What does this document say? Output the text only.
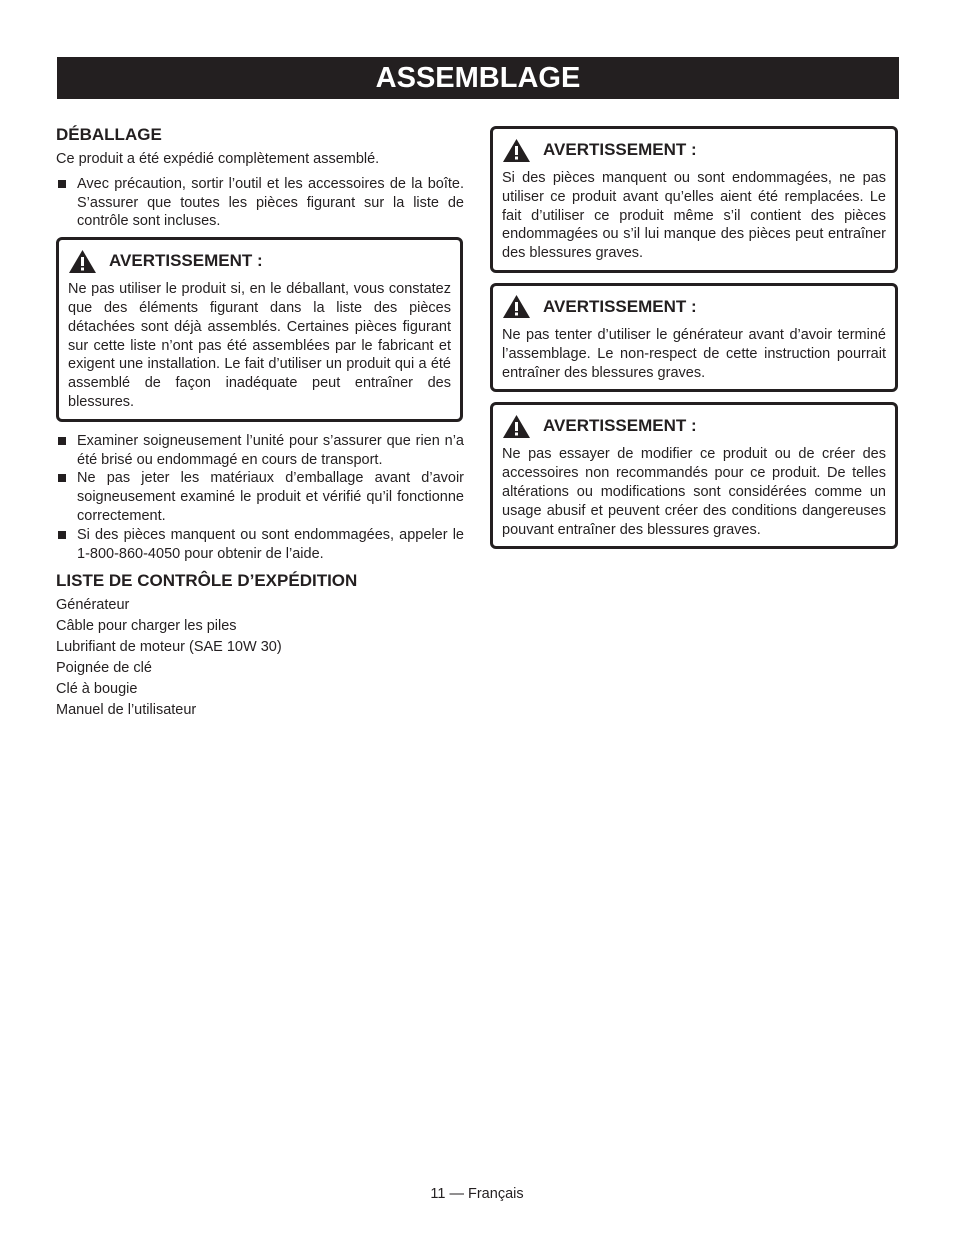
ASSEMBLAGE
DÉBALLAGE

Ce produit a été expédié complètement assemblé.

Avec précaution, sortir l’outil et les accessoires de la boîte. S’assurer que toutes les pièces figurant sur la liste de contrôle sont incluses.
AVERTISSEMENT :

Ne pas utiliser le produit si, en le déballant, vous constatez que des éléments figurant dans la liste des pièces détachées sont déjà assemblés. Certaines pièces figurant sur cette liste n’ont pas été assemblées par le fabricant et exigent une installation. Le fait d’utiliser un produit qui a été assemblé de façon inadéquate peut entraîner des blessures.

Examiner soigneusement l’unité pour s’assurer que rien n’a été brisé ou endommagé en cours de transport.
Ne pas jeter les matériaux d’emballage avant d’avoir soigneusement examiné le produit et vérifié qu’il fonctionne correctement.
Si des pièces manquent ou sont endommagées, appeler le 1-800-860-4050 pour obtenir de l’aide.
LISTE DE CONTRÔLE D’EXPÉDITION

Générateur

Câble pour charger les piles

Lubrifiant de moteur (SAE 10W 30)

Poignée de clé

Clé à bougie

Manuel de l’utilisateur

AVERTISSEMENT :

Si des pièces manquent ou sont endommagées, ne pas utiliser ce produit avant qu’elles aient été remplacées. Le fait d’utiliser ce produit même s’il contient des pièces endommagées ou s’il lui manque des pièces peut entraîner des blessures graves.

AVERTISSEMENT :

Ne pas tenter d’utiliser le générateur avant d’avoir terminé l’assemblage. Le non-respect de cette instruction pourrait entraîner des blessures graves.

AVERTISSEMENT :

Ne pas essayer de modifier ce produit ou de créer des accessoires non recommandés pour ce produit. De telles altérations ou modifications sont considérées comme un usage abusif et peuvent créer des conditions dangereuses pouvant entraîner des blessures graves.

11 — Français
